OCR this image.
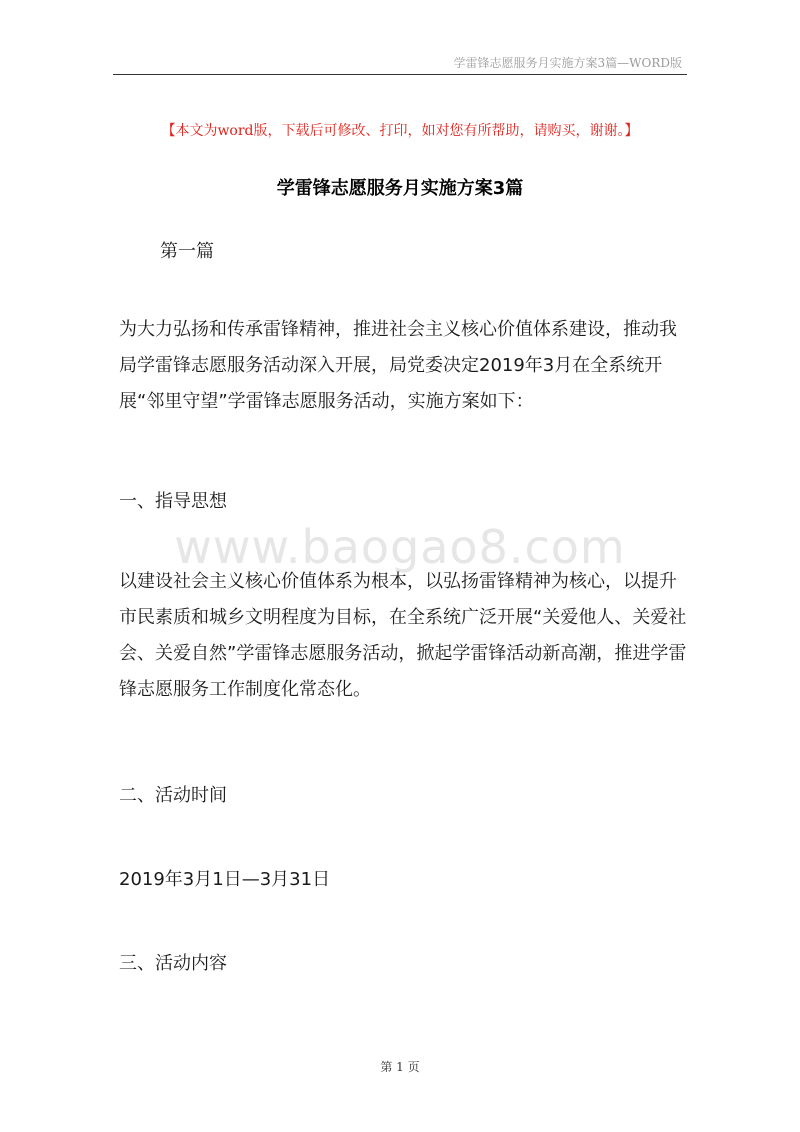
学雷锋志愿服务月实施方案3篇—WORD版
【本文为word版，下载后可修改、打印，如对您有所帮助，请购买，谢谢。】
学雷锋志愿服务月实施方案3篇

第一篇

为大力弘扬和传承雷锋精神，推进社会主义核心价值体系建设，推动我局学雷锋志愿服务活动深入开展，局党委决定2019年3月在全系统开展“邻里守望”学雷锋志愿服务活动，实施方案如下：

一、指导思想

www.baogao8.com

以建设社会主义核心价值体系为根本，以弘扬雷锋精神为核心，以提升市民素质和城乡文明程度为目标，在全系统广泛开展“关爱他人、关爱社会、关爱自然”学雷锋志愿服务活动，掀起学雷锋活动新高潮，推进学雷锋志愿服务工作制度化常态化。

二、活动时间

2019年3月1日—3月31日

三、活动内容

第 1 页
